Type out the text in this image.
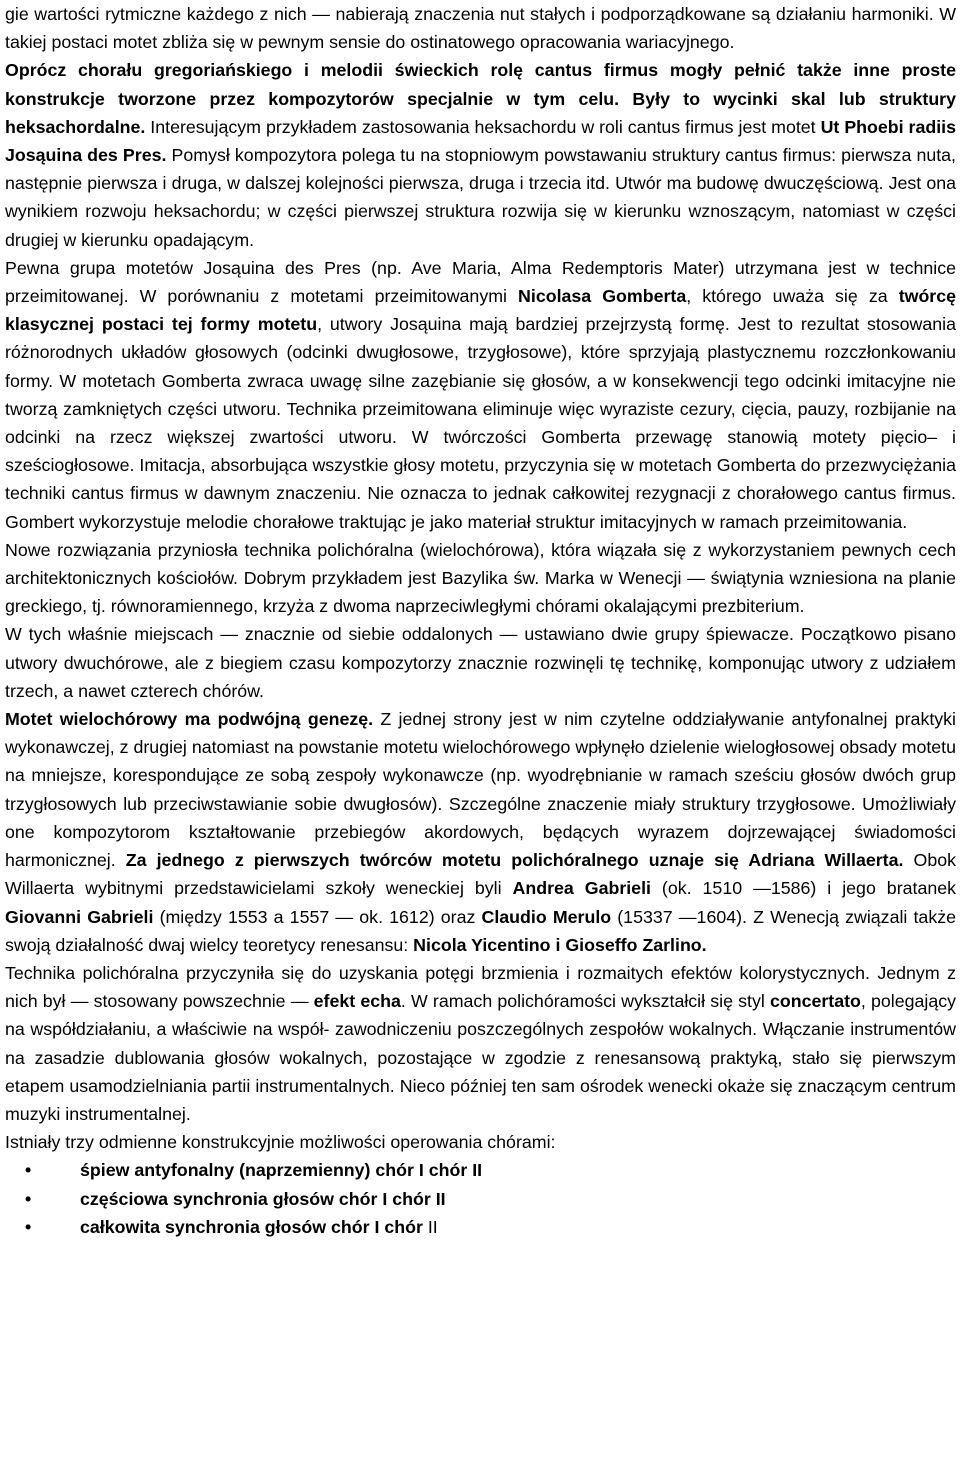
gie wartości rytmiczne każdego z nich — nabierają znaczenia nut stałych i podporządkowane są działaniu harmoniki. W takiej postaci motet zbliża się w pewnym sensie do ostinatowego opracowania wariacyjnego.

Oprócz chorału gregoriańskiego i melodii świeckich rolę cantus firmus mogły pełnić także inne proste konstrukcje tworzone przez kompozytorów specjalnie w tym celu. Były to wycinki skal lub struktury heksachordalne. Interesującym przykładem zastosowania heksachordu w roli cantus firmus jest motet Ut Phoebi radiis Josąuina des Pres. Pomysł kompozytora polega tu na stopniowym powstawaniu struktury cantus firmus: pierwsza nuta, następnie pierwsza i druga, w dalszej kolejności pierwsza, druga i trzecia itd. Utwór ma budowę dwuczęściową. Jest ona wynikiem rozwoju heksachordu; w części pierwszej struktura rozwija się w kierunku wznoszącym, natomiast w części drugiej w kierunku opadającym.

Pewna grupa motetów Josąuina des Pres (np. Ave Maria, Alma Redemptoris Mater) utrzymana jest w technice przeimitowanej. W porównaniu z motetami przeimitowanymi Nicolasa Gomberta, którego uważa się za twórcę klasycznej postaci tej formy motetu, utwory Josąuina mają bardziej przejrzystą formę. Jest to rezultat stosowania różnorodnych układów głosowych (odcinki dwugłosowe, trzygłosowe), które sprzyjają plastycznemu rozczłonkowaniu formy. W motetach Gomberta zwraca uwagę silne zazębianie się głosów, a w konsekwencji tego odcinki imitacyjne nie tworzą zamkniętych części utworu. Technika przeimitowana eliminuje więc wyraziste cezury, cięcia, pauzy, rozbijanie na odcinki na rzecz większej zwartości utworu. W twórczości Gomberta przewagę stanowią motety pięcio– i sześciogłosowe. Imitacja, absorbująca wszystkie głosy motetu, przyczynia się w motetach Gomberta do przezwyciężania techniki cantus firmus w dawnym znaczeniu. Nie oznacza to jednak całkowitej rezygnacji z chorałowego cantus firmus. Gombert wykorzystuje melodie chorałowe traktując je jako materiał struktur imitacyjnych w ramach przeimitowania.

Nowe rozwiązania przyniosła technika polichóralna (wielochórowa), która wiązała się z wykorzystaniem pewnych cech architektonicznych kościołów. Dobrym przykładem jest Bazylika św. Marka w Wenecji — świątynia wzniesiona na planie greckiego, tj. równoramiennego, krzyża z dwoma naprzeciwległymi chórami okalającymi prezbiterium.

W tych właśnie miejscach — znacznie od siebie oddalonych — ustawiano dwie grupy śpiewacze. Początkowo pisano utwory dwuchórowe, ale z biegiem czasu kompozytorzy znacznie rozwinęli tę technikę, komponując utwory z udziałem trzech, a nawet czterech chórów.

Motet wielochórowy ma podwójną genezę. Z jednej strony jest w nim czytelne oddziaływanie antyfonalnej praktyki wykonawczej, z drugiej natomiast na powstanie motetu wielochórowego wpłynęło dzielenie wielogłosowej obsady motetu na mniejsze, korespondujące ze sobą zespoły wykonawcze (np. wyodrębnianie w ramach sześciu głosów dwóch grup trzygłosowych lub przeciwstawianie sobie dwugłosów). Szczególne znaczenie miały struktury trzygłosowe. Umożliwiały one kompozytorom kształtowanie przebiegów akordowych, będących wyrazem dojrzewającej świadomości harmonicznej. Za jednego z pierwszych twórców motetu polichóralnego uznaje się Adriana Willaerta. Obok Willaerta wybitnymi przedstawicielami szkoły weneckiej byli Andrea Gabrieli (ok. 1510 —1586) i jego bratanek Giovanni Gabrieli (między 1553 a 1557 — ok. 1612) oraz Claudio Merulo (15337 —1604). Z Wenecją związali także swoją działalność dwaj wielcy teoretycy renesansu: Nicola Yicentino i Gioseffo Zarlino.

Technika polichóralna przyczyniła się do uzyskania potęgi brzmienia i rozmaitych efektów kolorystycznych. Jednym z nich był — stosowany powszechnie — efekt echa. W ramach polichóramości wykształcił się styl concertato, polegający na współdziałaniu, a właściwie na współ- zawodniczeniu poszczególnych zespołów wokalnych. Włączanie instrumentów na zasadzie dublowania głosów wokalnych, pozostające w zgodzie z renesansową praktyką, stało się pierwszym etapem usamodzielniania partii instrumentalnych. Nieco później ten sam ośrodek wenecki okaże się znaczącym centrum muzyki instrumentalnej.

Istniały trzy odmienne konstrukcyjnie możliwości operowania chórami:

• śpiew antyfonalny (naprzemienny) chór I chór II
• częściowa synchronia głosów chór I chór II
• całkowita synchronia głosów chór I chór II
